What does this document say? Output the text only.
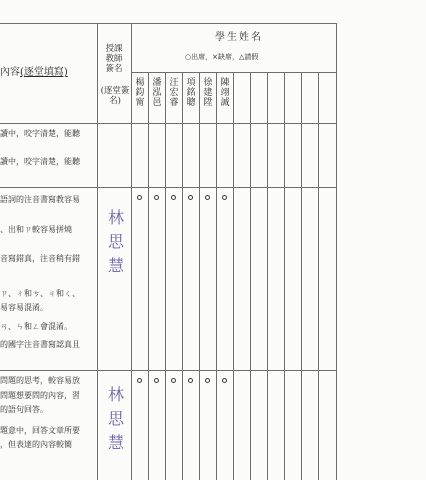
學生姓名
○出席，×缺席，△請假
內容(逐堂填寫)
授課教師簽名
(逐堂簽名)
楊
鈞
甯
潘
泓
邑
汪
宏
睿
項
銘
聰
徐
建
陞
陳
翊
誠
讀中，咬字清楚，能聽
讀中，咬字清楚，能聽
語詞的注音書寫教容易
、出和ㄗ較容易拼燒
音寫錯真，注音稍有錯
ㄗ、ㄔ和ㄘ、ㄐ和ㄑ、
易容易混淆。
ㄢ、ㄣ和ㄥ會混淆。
的國字注音書寫認真且
問題的思考，較容易放
問題想要問的內容，習
的語句回答。
題意中，回答文章所要
，但表達的內容較簡
林
思
慧
林
思
慧
